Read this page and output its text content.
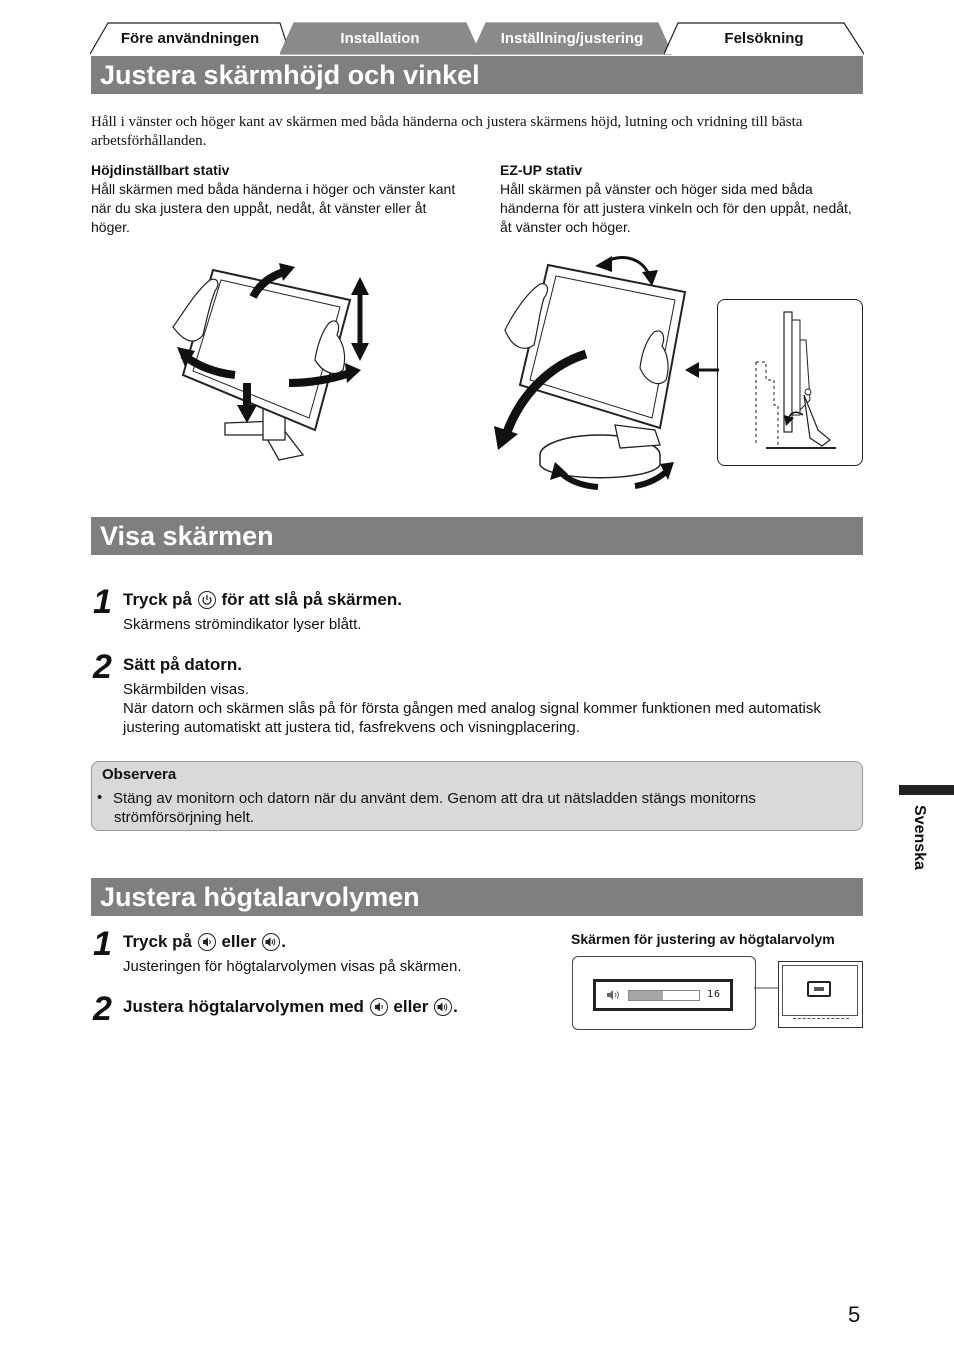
Före användningen	Installation	Inställning/justering	Felsökning
Justera skärmhöjd och vinkel
Håll i vänster och höger kant av skärmen med båda händerna och justera skärmens höjd, lutning och vridning till bästa arbetsförhållanden.
Höjdinställbart stativ
Håll skärmen med båda händerna i höger och vänster kant när du ska justera den uppåt, nedåt, åt vänster eller åt höger.
EZ-UP stativ
Håll skärmen på vänster och höger sida med båda händerna för att justera vinkeln och för den uppåt, nedåt, åt vänster och höger.
Visa skärmen
1 Tryck på för att slå på skärmen.
Skärmens strömindikator lyser blått.
2 Sätt på datorn.
Skärmbilden visas.
När datorn och skärmen slås på för första gången med analog signal kommer funktionen med automatisk justering automatiskt att justera tid, fasfrekvens och visningplacering.
Observera
• Stäng av monitorn och datorn när du använt dem. Genom att dra ut nätsladden stängs monitorns
strömförsörjning helt.	Svenska
Justera högtalarvolymen
1 Tryck på eller .
Justeringen för högtalarvolymen visas på skärmen.
2 Justera högtalarvolymen med eller .
Skärmen för justering av högtalarvolym
16
5
